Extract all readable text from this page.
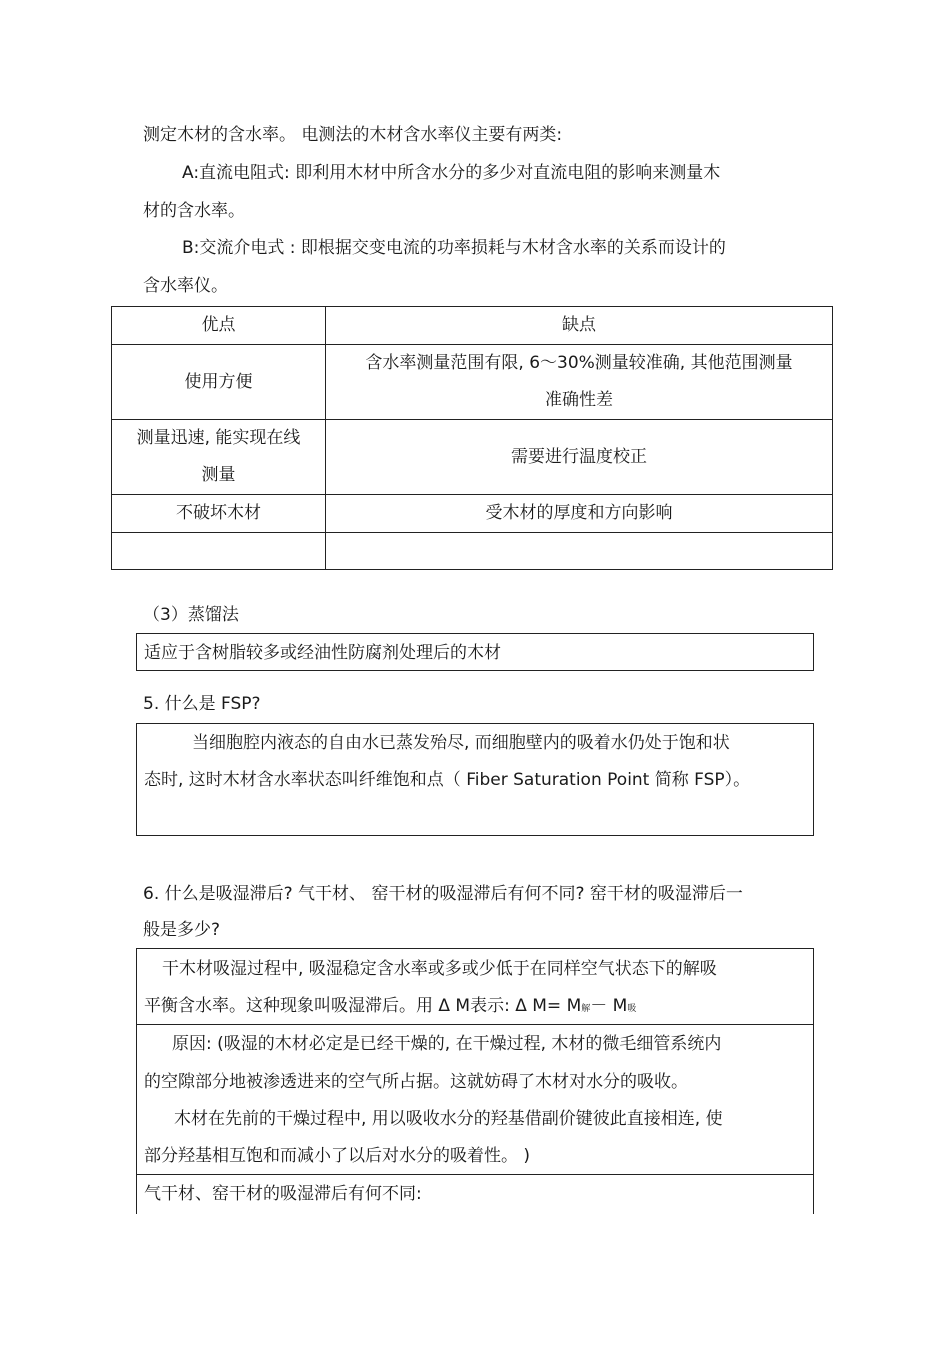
测定木材的含水率。 电测法的木材含水率仪主要有两类:
A:直流电阻式: 即利用木材中所含水分的多少对直流电阻的影响来测量木
材的含水率。
B:交流介电式 : 即根据交变电流的功率损耗与木材含水率的关系而设计的
含水率仪。
优点	缺点
使用方便	含水率测量范围有限, 6～30%测量较准确, 其他范围测量
准确性差

测量迅速, 能实现在线
测量	需要进行温度校正
不破坏木材	受木材的厚度和方向影响

（3）蒸馏法
适应于含树脂较多或经油性防腐剂处理后的木材
5. 什么是 FSP?
当细胞腔内液态的自由水已蒸发殆尽, 而细胞壁内的吸着水仍处于饱和状
态时, 这时木材含水率状态叫纤维饱和点（ Fiber Saturation Point 简称 FSP）。
6. 什么是吸湿滞后? 气干材、 窑干材的吸湿滞后有何不同? 窑干材的吸湿滞后一
般是多少?
干木材吸湿过程中, 吸湿稳定含水率或多或少低于在同样空气状态下的解吸
平衡含水率。这种现象叫吸湿滞后。用 Δ M表示: Δ M= M解－ M吸
原因: (吸湿的木材必定是已经干燥的, 在干燥过程, 木材的微毛细管系统内
的空隙部分地被渗透进来的空气所占据。这就妨碍了木材对水分的吸收。
木材在先前的干燥过程中, 用以吸收水分的羟基借副价键彼此直接相连, 使
部分羟基相互饱和而减小了以后对水分的吸着性。 )
气干材、窑干材的吸湿滞后有何不同:
